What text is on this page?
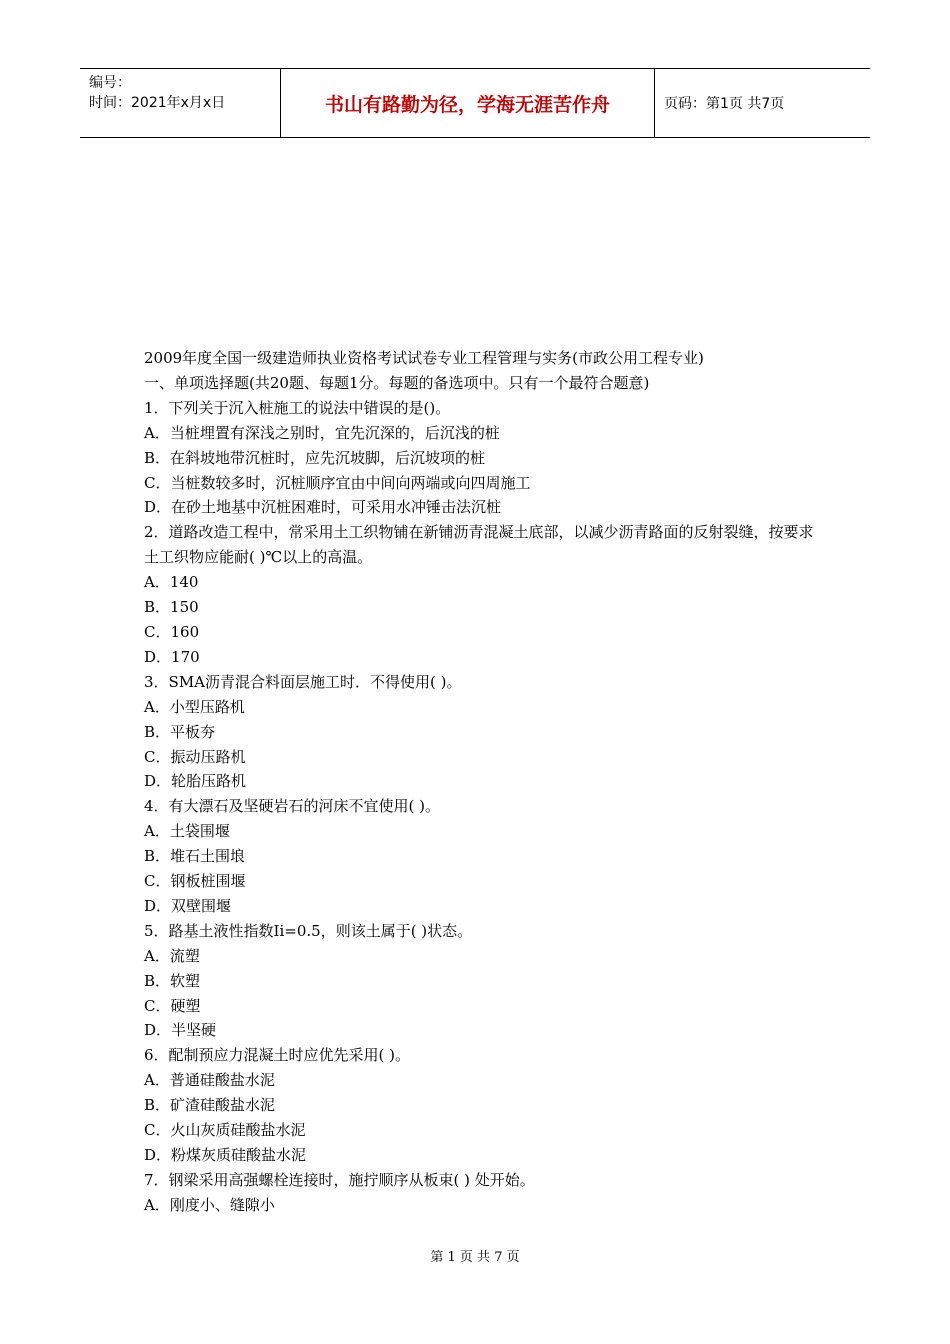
编号：
时间：2021年x月x日	书山有路勤为径，学海无涯苦作舟	页码：第1页 共7页

2009年度全国一级建造师执业资格考试试卷专业工程管理与实务(市政公用工程专业)

一、单项选择题(共20题、每题1分。每题的备选项中。只有一个最符合题意)

1．下列关于沉入桩施工的说法中错误的是()。

A．当桩埋置有深浅之别时，宜先沉深的，后沉浅的桩

B．在斜坡地带沉桩时，应先沉坡脚，后沉坡项的桩

C．当桩数较多时，沉桩顺序宜由中间向两端或向四周施工

D．在砂土地基中沉桩困难时，可采用水冲锤击法沉桩

2．道路改造工程中，常采用土工织物铺在新铺沥青混凝土底部，以减少沥青路面的反射裂缝，按要求土工织物应能耐( )℃以上的高温。

A．140

B．150

C．160

D．170

3．SMA沥青混合料面层施工时．不得使用( )。

A．小型压路机

B．平板夯

C．振动压路机

D．轮胎压路机

4．有大漂石及坚硬岩石的河床不宜使用( )。

A．土袋围堰

B．堆石土围埌

C．钢板桩围堰

D．双壁围堰

5．路基土液性指数Ii=0.5，则该土属于( )状态。

A．流塑

B．软塑

C．硬塑

D．半坚硬

6．配制预应力混凝土时应优先采用( )。

A．普通硅酸盐水泥

B．矿渣硅酸盐水泥

C．火山灰质硅酸盐水泥

D．粉煤灰质硅酸盐水泥

7．钢梁采用高强螺栓连接时，施拧顺序从板束( ) 处开始。

A．刚度小、缝隙小

第 1 页 共 7 页
